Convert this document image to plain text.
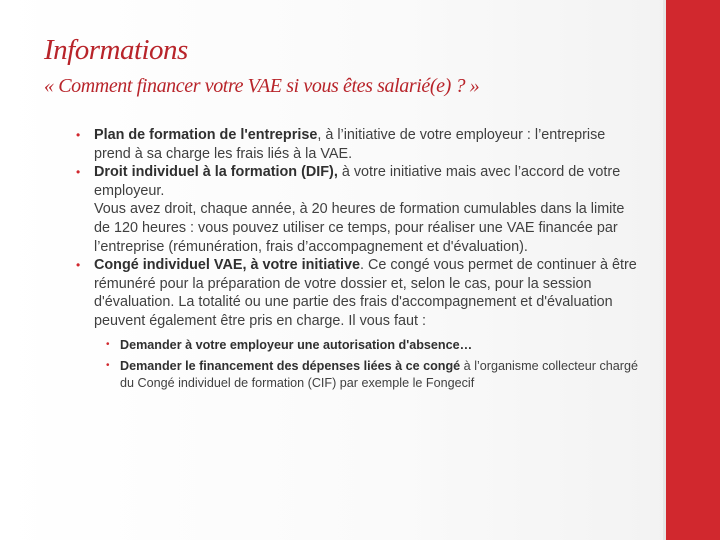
Informations
« Comment financer votre VAE si vous êtes salarié(e) ? »
• Plan de formation de l'entreprise, à l’initiative de votre employeur : l’entreprise prend à sa charge les frais liés à la VAE.
• Droit individuel à la formation (DIF), à votre initiative mais avec l’accord de votre employeur.
Vous avez droit, chaque année, à 20 heures de formation cumulables dans la limite de 120 heures : vous pouvez utiliser ce temps, pour réaliser une VAE financée par l’entreprise (rémunération, frais d’accompagnement et d'évaluation).
• Congé individuel VAE, à votre initiative. Ce congé vous permet de continuer à être rémunéré pour la préparation de votre dossier et, selon le cas, pour la session d'évaluation. La totalité ou une partie des frais d'accompagnement et d'évaluation peuvent également être pris en charge. Il vous faut :
• Demander à votre employeur une autorisation d'absence…
• Demander le financement des dépenses liées à ce congé à l’organisme collecteur chargé du Congé individuel de formation (CIF) par exemple le Fongecif
